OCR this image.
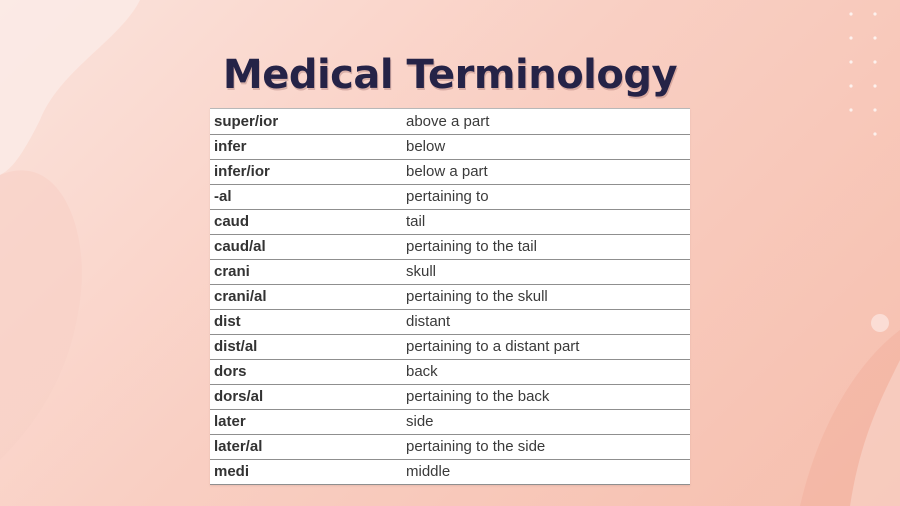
Medical Terminology
super/ior	above a part
infer	below
infer/ior	below a part
-al	pertaining to
caud	tail
caud/al	pertaining to the tail
crani	skull
crani/al	pertaining to the skull
dist	distant
dist/al	pertaining to a distant part
dors	back
dors/al	pertaining to the back
later	side
later/al	pertaining to the side
medi	middle
